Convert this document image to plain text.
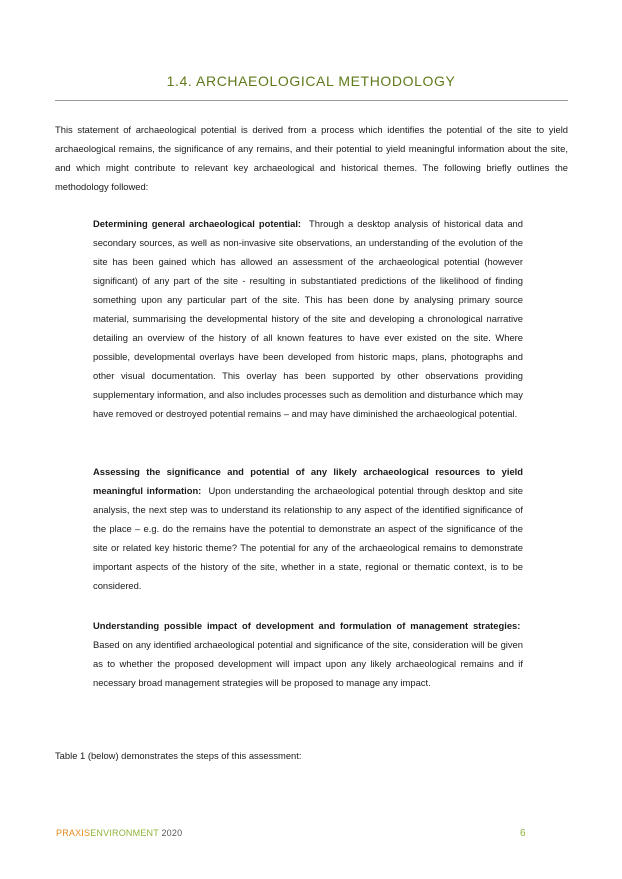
1.4. ARCHAEOLOGICAL METHODOLOGY

This statement of archaeological potential is derived from a process which identifies the potential of the site to yield archaeological remains, the significance of any remains, and their potential to yield meaningful information about the site, and which might contribute to relevant key archaeological and historical themes. The following briefly outlines the methodology followed:

Determining general archaeological potential: Through a desktop analysis of historical data and secondary sources, as well as non-invasive site observations, an understanding of the evolution of the site has been gained which has allowed an assessment of the archaeological potential (however significant) of any part of the site - resulting in substantiated predictions of the likelihood of finding something upon any particular part of the site. This has been done by analysing primary source material, summarising the developmental history of the site and developing a chronological narrative detailing an overview of the history of all known features to have ever existed on the site. Where possible, developmental overlays have been developed from historic maps, plans, photographs and other visual documentation. This overlay has been supported by other observations providing supplementary information, and also includes processes such as demolition and disturbance which may have removed or destroyed potential remains – and may have diminished the archaeological potential.

Assessing the significance and potential of any likely archaeological resources to yield meaningful information: Upon understanding the archaeological potential through desktop and site analysis, the next step was to understand its relationship to any aspect of the identified significance of the place – e.g. do the remains have the potential to demonstrate an aspect of the significance of the site or related key historic theme? The potential for any of the archaeological remains to demonstrate important aspects of the history of the site, whether in a state, regional or thematic context, is to be considered.

Understanding possible impact of development and formulation of management strategies:  Based on any identified archaeological potential and significance of the site, consideration will be given as to whether the proposed development will impact upon any likely archaeological remains and if necessary broad management strategies will be proposed to manage any impact.

Table 1 (below) demonstrates the steps of this assessment:

PRAXISENVIRONMENT 2020	6
